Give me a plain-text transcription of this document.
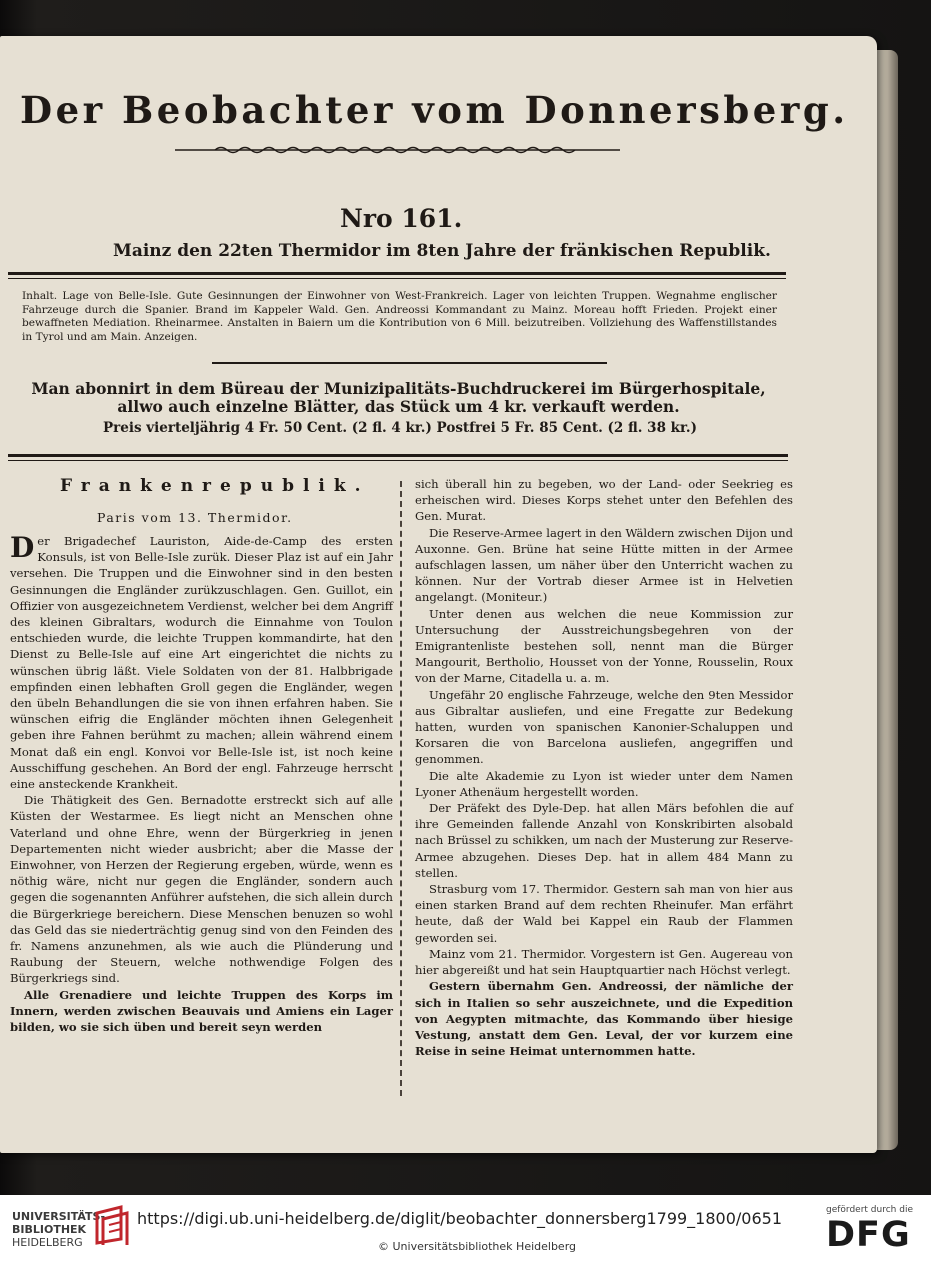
Der Beobachter vom Donnersberg.
Nro 161.
Mainz den 22ten Thermidor im 8ten Jahre der fränkischen Republik.
Inhalt. Lage von Belle-Isle. Gute Gesinnungen der Einwohner von West-Frankreich. Lager von leichten Truppen. Wegnahme englischer Fahrzeuge durch die Spanier. Brand im Kappeler Wald. Gen. Andreossi Kommandant zu Mainz. Moreau hofft Frieden. Projekt einer bewaffneten Mediation. Rheinarmee. Anstalten in Baiern um die Kontribution von 6 Mill. beizutreiben. Vollziehung des Waffenstillstandes in Tyrol und am Main. Anzeigen.
Man abonnirt in dem Büreau der Munizipalitäts-Buchdruckerei im Bürgerhospitale, allwo auch einzelne Blätter, das Stück um 4 kr. verkauft werden.
Preis vierteljährig 4 Fr. 50 Cent. (2 fl. 4 kr.) Postfrei 5 Fr. 85 Cent. (2 fl. 38 kr.)
Frankenrepublik.
Paris vom 13. Thermidor.

Der Brigadechef Lauriston, Aide-de-Camp des ersten Konsuls, ist von Belle-Isle zurük. Dieser Plaz ist auf ein Jahr versehen. Die Truppen und die Einwohner sind in den besten Gesinnungen die Engländer zurükzuschlagen. Gen. Guillot, ein Offizier von ausgezeichnetem Verdienst, welcher bei dem Angriff des kleinen Gibraltars, wodurch die Einnahme von Toulon entschieden wurde, die leichte Truppen kommandirte, hat den Dienst zu Belle-Isle auf eine Art eingerichtet die nichts zu wünschen übrig läßt. Viele Soldaten von der 81. Halbbrigade empfinden einen lebhaften Groll gegen die Engländer, wegen den übeln Behandlungen die sie von ihnen erfahren haben. Sie wünschen eifrig die Engländer möchten ihnen Gelegenheit geben ihre Fahnen berühmt zu machen; allein während einem Monat daß ein engl. Konvoi vor Belle-Isle ist, ist noch keine Ausschiffung geschehen. An Bord der engl. Fahrzeuge herrscht eine ansteckende Krankheit.

Die Thätigkeit des Gen. Bernadotte erstreckt sich auf alle Küsten der Westarmee. Es liegt nicht an Menschen ohne Vaterland und ohne Ehre, wenn der Bürgerkrieg in jenen Departementen nicht wieder ausbricht; aber die Masse der Einwohner, von Herzen der Regierung ergeben, würde, wenn es nöthig wäre, nicht nur gegen die Engländer, sondern auch gegen die sogenannten Anführer aufstehen, die sich allein durch die Bürgerkriege bereichern. Diese Menschen benuzen so wohl das Geld das sie niederträchtig genug sind von den Feinden des fr. Namens anzunehmen, als wie auch die Plünderung und Raubung der Steuern, welche nothwendige Folgen des Bürgerkriegs sind.

Alle Grenadiere und leichte Truppen des Korps im Innern, werden zwischen Beauvais und Amiens ein Lager bilden, wo sie sich üben und bereit seyn werden

sich überall hin zu begeben, wo der Land- oder Seekrieg es erheischen wird. Dieses Korps stehet unter den Befehlen des Gen. Murat.

Die Reserve-Armee lagert in den Wäldern zwischen Dijon und Auxonne. Gen. Brüne hat seine Hütte mitten in der Armee aufschlagen lassen, um näher über den Unterricht wachen zu können. Nur der Vortrab dieser Armee ist in Helvetien angelangt. (Moniteur.)

Unter denen aus welchen die neue Kommission zur Untersuchung der Ausstreichungsbegehren von der Emigrantenliste bestehen soll, nennt man die Bürger Mangourit, Bertholio, Housset von der Yonne, Rousselin, Roux von der Marne, Citadella u. a. m.

Ungefähr 20 englische Fahrzeuge, welche den 9ten Messidor aus Gibraltar ausliefen, und eine Fregatte zur Bedekung hatten, wurden von spanischen Kanonier-Schaluppen und Korsaren die von Barcelona ausliefen, angegriffen und genommen.

Die alte Akademie zu Lyon ist wieder unter dem Namen Lyoner Athenäum hergestellt worden.

Der Präfekt des Dyle-Dep. hat allen Märs befohlen die auf ihre Gemeinden fallende Anzahl von Konskribirten alsobald nach Brüssel zu schikken, um nach der Musterung zur Reserve-Armee abzugehen. Dieses Dep. hat in allem 484 Mann zu stellen.

Strasburg vom 17. Thermidor. Gestern sah man von hier aus einen starken Brand auf dem rechten Rheinufer. Man erfährt heute, daß der Wald bei Kappel ein Raub der Flammen geworden sei.

Mainz vom 21. Thermidor. Vorgestern ist Gen. Augereau von hier abgereißt und hat sein Hauptquartier nach Höchst verlegt.

Gestern übernahm Gen. Andreossi, der nämliche der sich in Italien so sehr auszeichnete, und die Expedition von Aegypten mitmachte, das Kommando über hiesige Vestung, anstatt dem Gen. Leval, der vor kurzem eine Reise in seine Heimat unternommen hatte.

UNIVERSITÄTS-
BIBLIOTHEK
HEIDELBERG
https://digi.ub.uni-heidelberg.de/diglit/beobachter_donnersberg1799_1800/0651
© Universitätsbibliothek Heidelberg
gefördert durch die
DFG
